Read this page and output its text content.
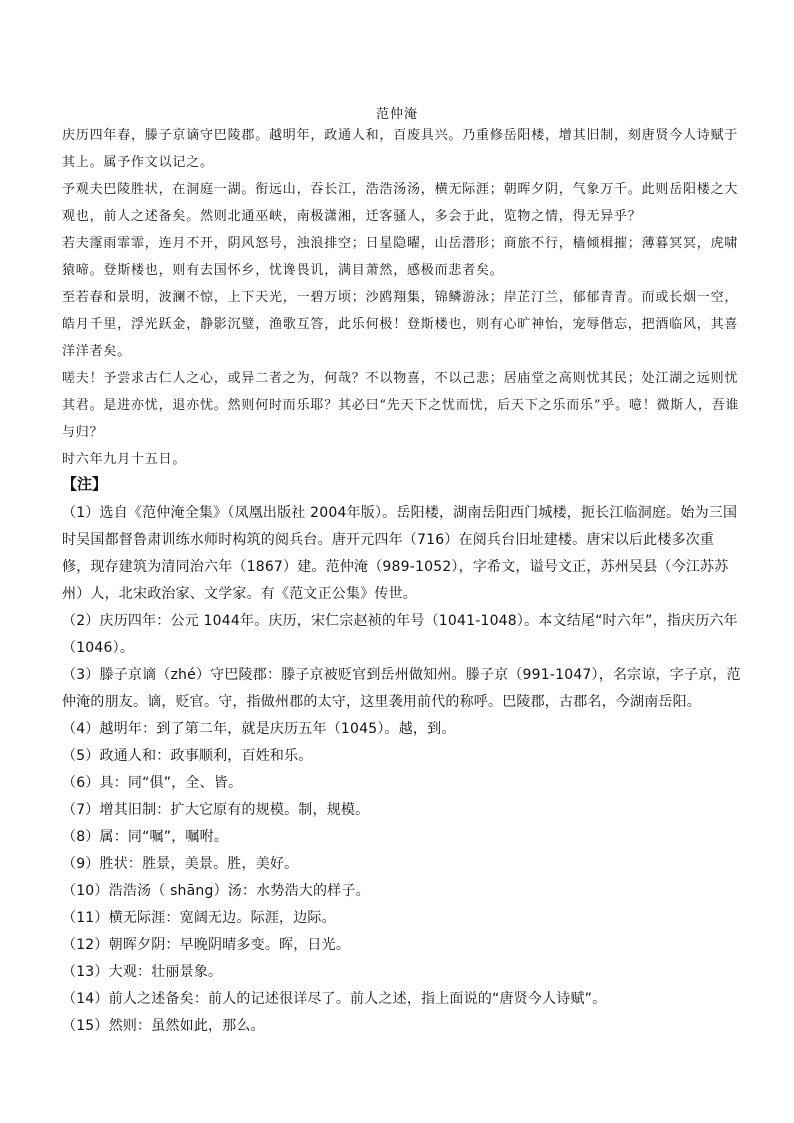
范仲淹

庆历四年春，滕子京谪守巴陵郡。越明年，政通人和，百废具兴。乃重修岳阳楼，增其旧制，刻唐贤今人诗赋于其上。属予作文以记之。

予观夫巴陵胜状，在洞庭一湖。衔远山，吞长江，浩浩汤汤，横无际涯；朝晖夕阴，气象万千。此则岳阳楼之大观也，前人之述备矣。然则北通巫峡，南极潇湘，迁客骚人，多会于此，览物之情，得无异乎？

若夫霪雨霏霏，连月不开，阴风怒号，浊浪排空；日星隐曜，山岳潜形；商旅不行，樯倾楫摧；薄暮冥冥，虎啸猿啼。登斯楼也，则有去国怀乡，忧谗畏讥，满目萧然，感极而悲者矣。

至若春和景明，波澜不惊，上下天光，一碧万顷；沙鸥翔集，锦鳞游泳；岸芷汀兰，郁郁青青。而或长烟一空，皓月千里，浮光跃金，静影沉璧，渔歌互答，此乐何极！登斯楼也，则有心旷神怡，宠辱偕忘，把酒临风，其喜洋洋者矣。

嗟夫！予尝求古仁人之心，或异二者之为，何哉？不以物喜，不以己悲；居庙堂之高则忧其民；处江湖之远则忧其君。是进亦忧，退亦忧。然则何时而乐耶？其必曰“先天下之忧而忧，后天下之乐而乐”乎。噫！微斯人，吾谁与归？

时六年九月十五日。

【注】

（1）选自《范仲淹全集》（凤凰出版社 2004年版）。岳阳楼，湖南岳阳西门城楼，扼长江临洞庭。始为三国时吴国都督鲁肃训练水师时构筑的阅兵台。唐开元四年（716）在阅兵台旧址建楼。唐宋以后此楼多次重修，现存建筑为清同治六年（1867）建。范仲淹（989-1052），字希文，谥号文正，苏州吴县（今江苏苏州）人，北宋政治家、文学家。有《范文正公集》传世。

（2）庆历四年：公元 1044年。庆历，宋仁宗赵祯的年号（1041-1048）。本文结尾“时六年”，指庆历六年（1046）。

（3）滕子京谪（zhé）守巴陵郡：滕子京被贬官到岳州做知州。滕子京（991-1047），名宗谅，字子京，范仲淹的朋友。谪，贬官。守，指做州郡的太守，这里袭用前代的称呼。巴陵郡，古郡名，今湖南岳阳。

（4）越明年：到了第二年，就是庆历五年（1045）。越，到。

（5）政通人和：政事顺利，百姓和乐。

（6）具：同“俱”，全、皆。

（7）增其旧制：扩大它原有的规模。制，规模。

（8）属：同“嘱”，嘱咐。

（9）胜状：胜景，美景。胜，美好。

（10）浩浩汤（ shāng）汤：水势浩大的样子。

（11）横无际涯：宽阔无边。际涯，边际。

（12）朝晖夕阴：早晚阴晴多变。晖，日光。

（13）大观：壮丽景象。

（14）前人之述备矣：前人的记述很详尽了。前人之述，指上面说的“唐贤今人诗赋”。

（15）然则：虽然如此，那么。
